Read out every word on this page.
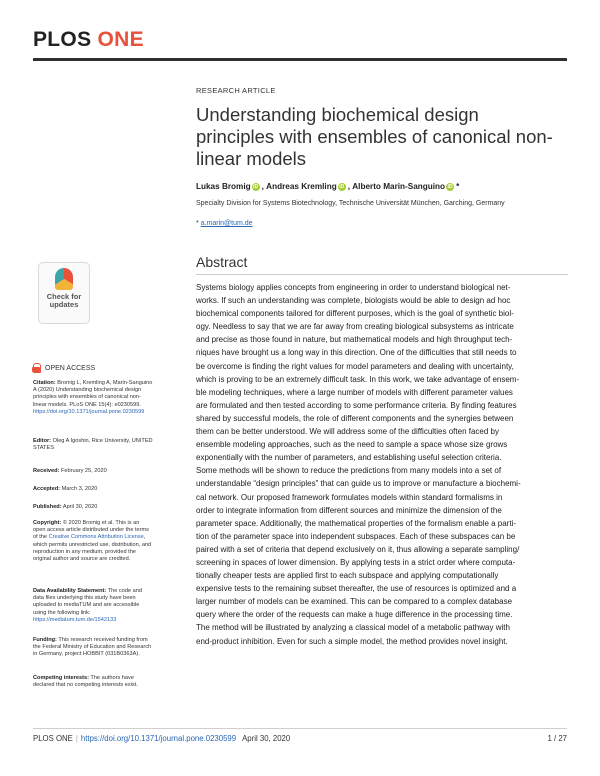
PLOS ONE
RESEARCH ARTICLE
Understanding biochemical design principles with ensembles of canonical non-linear models
Lukas Bromig iD , Andreas Kremling iD , Alberto Marin-Sanguino iD *
Specialty Division for Systems Biotechnology, Technische Universität München, Garching, Germany
* a.marin@tum.de
Abstract
Systems biology applies concepts from engineering in order to understand biological net-
works. If such an understanding was complete, biologists would be able to design ad hoc
biochemical components tailored for different purposes, which is the goal of synthetic biol-
ogy. Needless to say that we are far away from creating biological subsystems as intricate
and precise as those found in nature, but mathematical models and high throughput tech-
niques have brought us a long way in this direction. One of the difficulties that still needs to
be overcome is finding the right values for model parameters and dealing with uncertainty,
which is proving to be an extremely difficult task. In this work, we take advantage of ensem-
ble modeling techniques, where a large number of models with different parameter values
are formulated and then tested according to some performance criteria. By finding features
shared by successful models, the role of different components and the synergies between
them can be better understood. We will address some of the difficulties often faced by
ensemble modeling approaches, such as the need to sample a space whose size grows
exponentially with the number of parameters, and establishing useful selection criteria.
Some methods will be shown to reduce the predictions from many models into a set of
understandable “design principles” that can guide us to improve or manufacture a biochemi-
cal network. Our proposed framework formulates models within standard formalisms in
order to integrate information from different sources and minimize the dimension of the
parameter space. Additionally, the mathematical properties of the formalism enable a parti-
tion of the parameter space into independent subspaces. Each of these subspaces can be
paired with a set of criteria that depend exclusively on it, thus allowing a separate sampling/
screening in spaces of lower dimension. By applying tests in a strict order where computa-
tionally cheaper tests are applied first to each subspace and applying computationally
expensive tests to the remaining subset thereafter, the use of resources is optimized and a
larger number of models can be examined. This can be compared to a complex database
query where the order of the requests can make a huge difference in the processing time.
The method will be illustrated by analyzing a classical model of a metabolic pathway with
end-product inhibition. Even for such a simple model, the method provides novel insight.
Check for
updates
OPEN ACCESS
Citation: Bromig L, Kremling A, Marin-Sanguino A (2020) Understanding biochemical design principles with ensembles of canonical non-linear models. PLoS ONE 15(4): e0230599. https://doi.org/10.1371/journal.pone.0230599
Editor: Oleg A Igoshin, Rice University, UNITED STATES
Received: February 25, 2020
Accepted: March 3, 2020
Published: April 30, 2020
Copyright: © 2020 Bromig et al. This is an open access article distributed under the terms of the Creative Commons Attribution License, which permits unrestricted use, distribution, and reproduction in any medium, provided the original author and source are credited.
Data Availability Statement: The code and data files underlying this study have been uploaded to mediaTUM and are accessible using the following link: https://mediatum.tum.de/1542133
Funding: This research received funding from the Federal Ministry of Education and Research in Germany, project HOBBIT (031B0363A).
Competing interests: The authors have declared that no competing interests exist.
PLOS ONE | https://doi.org/10.1371/journal.pone.0230599 April 30, 2020	1 / 27
